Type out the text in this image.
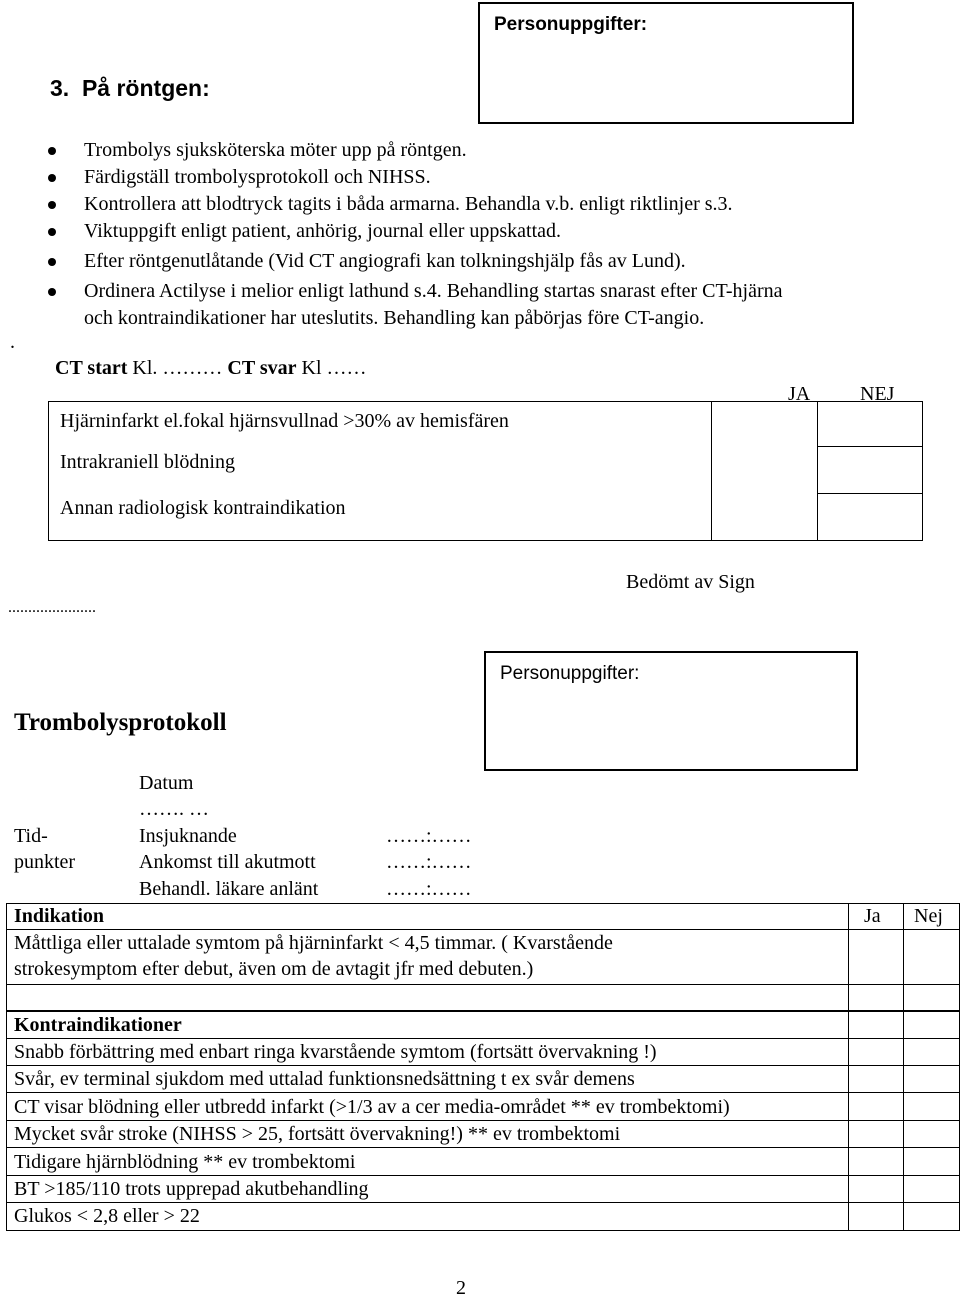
Personuppgifter:
3.  På röntgen:
Trombolys sjuksköterska möter upp på röntgen.
Färdigställ trombolysprotokoll och NIHSS.
Kontrollera att blodtryck tagits i båda armarna. Behandla v.b. enligt riktlinjer s.3.
Viktuppgift enligt patient, anhörig, journal eller uppskattad.
Efter röntgenutlåtande (Vid CT angiografi kan tolkningshjälp fås av Lund).
Ordinera Actilyse i melior enligt lathund s.4. Behandling startas snarast efter CT-hjärna
och kontraindikationer har uteslutits. Behandling kan påbörjas före CT-angio.
.
CT start Kl. ……… CT svar Kl ……
JA NEJ
Hjärninfarkt el.fokal hjärnsvullnad >30% av hemisfären
Intrakraniell blödning
Annan radiologisk kontraindikation
Bedömt av Sign
......................
Personuppgifter:
Trombolysprotokoll
Datum
……. …
Tid-
punkter
Insjuknande	……:……
Ankomst till akutmott	……:……
Behandl. läkare anlänt	……:……
Indikation	Ja Nej
Måttliga eller uttalade symtom på hjärninfarkt < 4,5 timmar. ( Kvarstående
strokesymptom efter debut, även om de avtagit jfr med debuten.)
Kontraindikationer
Snabb förbättring med enbart ringa kvarstående symtom (fortsätt övervakning !)
Svår, ev terminal sjukdom med uttalad funktionsnedsättning t ex svår demens
CT visar blödning eller utbredd infarkt (>1/3 av a cer media-området ** ev trombektomi)
Mycket svår stroke (NIHSS > 25, fortsätt övervakning!) ** ev trombektomi
Tidigare hjärnblödning ** ev trombektomi
BT >185/110 trots upprepad akutbehandling
Glukos < 2,8 eller > 22
2
